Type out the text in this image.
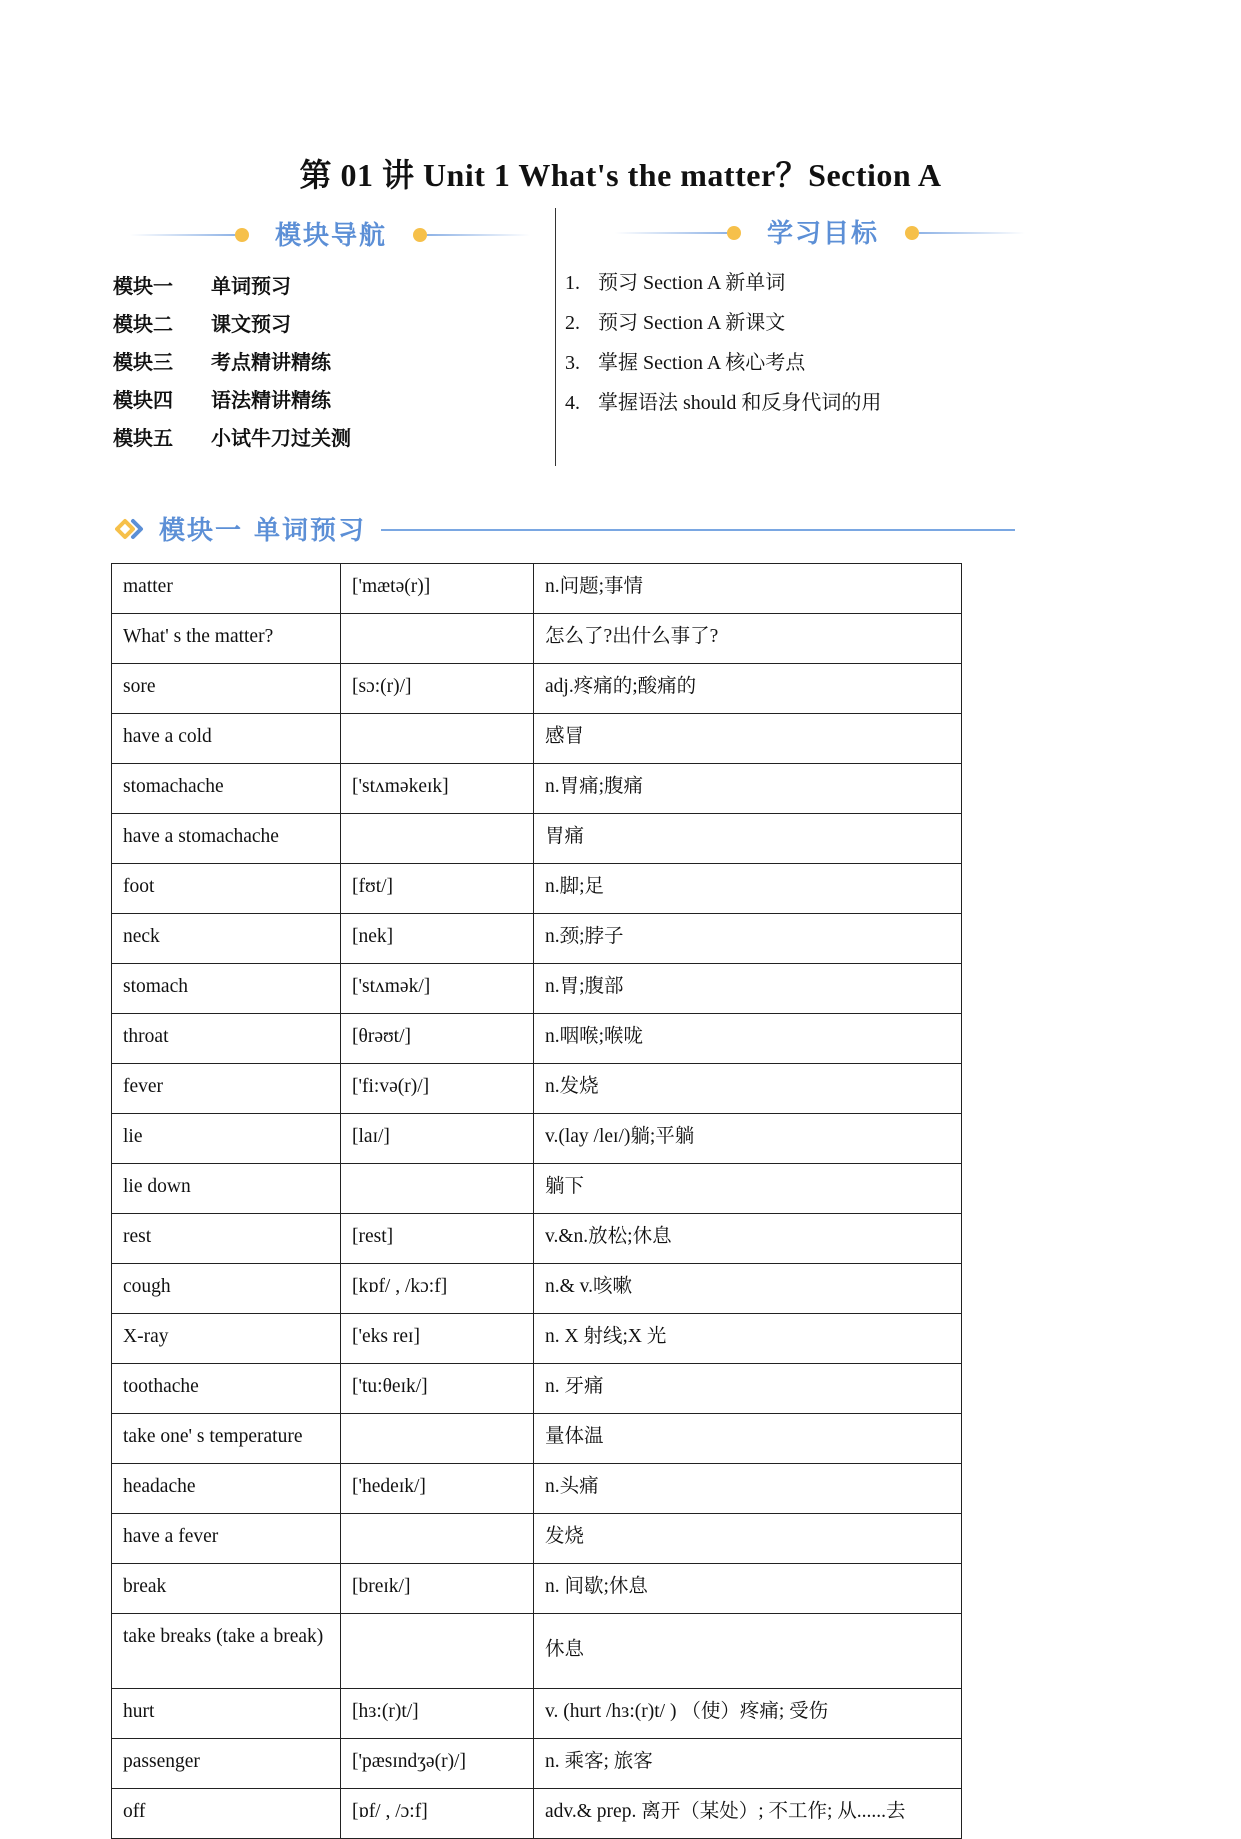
第 01 讲 Unit 1 What's the matter？Section A
模块导航	学习目标
模块一 单词预习
模块二 课文预习
模块三 考点精讲精练
模块四 语法精讲精练
模块五 小试牛刀过关测
1. 预习 Section A 新单词
2. 预习 Section A 新课文
3. 掌握 Section A 核心考点
4. 掌握语法 should 和反身代词的用
模块一 单词预习
matter	['mætə(r)]	n.问题;事情
What' s the matter?		怎么了?出什么事了?
sore	[sɔ:(r)/]	adj.疼痛的;酸痛的
have a cold		感冒
stomachache	['stʌməkeɪk]	n.胃痛;腹痛
have a stomachache		胃痛
foot	[fʊt/]	n.脚;足
neck	[nek]	n.颈;脖子
stomach	['stʌmək/]	n.胃;腹部
throat	[θrəʊt/]	n.咽喉;喉咙
fever	['fi:və(r)/]	n.发烧
lie	[laɪ/]	v.(lay /leɪ/)躺;平躺
lie down		躺下
rest	[rest]	v.&n.放松;休息
cough	[kɒf/ , /kɔ:f]	n.& v.咳嗽
X-ray	['eks reɪ]	n. X 射线;X 光
toothache	['tu:θeɪk/]	n. 牙痛
take one' s temperature		量体温
headache	['hedeɪk/]	n.头痛
have a fever		发烧
break	[breɪk/]	n. 间歇;休息
take breaks (take a break)		休息
hurt	[hɜ:(r)t/]	v. (hurt /hɜ:(r)t/ ) （使）疼痛; 受伤
passenger	['pæsɪndʒə(r)/]	n. 乘客; 旅客
off	[ɒf/ , /ɔ:f]	adv.& prep. 离开（某处）; 不工作; 从......去
